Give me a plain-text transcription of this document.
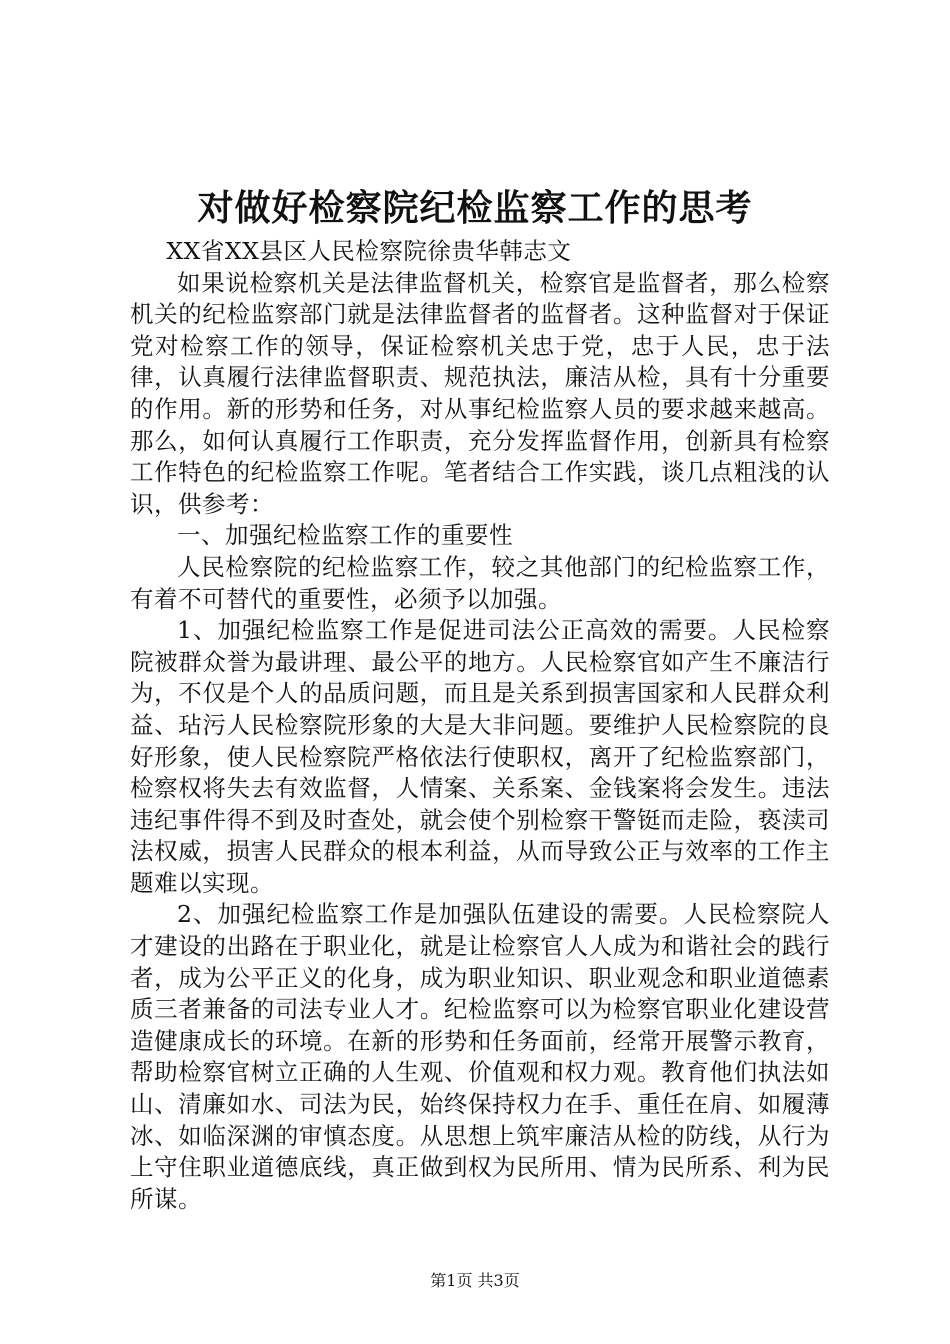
对做好检察院纪检监察工作的思考

XX省XX县区人民检察院徐贵华韩志文

如果说检察机关是法律监督机关，检察官是监督者，那么检察机关的纪检监察部门就是法律监督者的监督者。这种监督对于保证党对检察工作的领导，保证检察机关忠于党，忠于人民，忠于法律，认真履行法律监督职责、规范执法，廉洁从检，具有十分重要的作用。新的形势和任务，对从事纪检监察人员的要求越来越高。那么，如何认真履行工作职责，充分发挥监督作用，创新具有检察工作特色的纪检监察工作呢。笔者结合工作实践，谈几点粗浅的认识，供参考：

一、加强纪检监察工作的重要性

人民检察院的纪检监察工作，较之其他部门的纪检监察工作，有着不可替代的重要性，必须予以加强。

1、加强纪检监察工作是促进司法公正高效的需要。人民检察院被群众誉为最讲理、最公平的地方。人民检察官如产生不廉洁行为，不仅是个人的品质问题，而且是关系到损害国家和人民群众利益、玷污人民检察院形象的大是大非问题。要维护人民检察院的良好形象，使人民检察院严格依法行使职权，离开了纪检监察部门，检察权将失去有效监督，人情案、关系案、金钱案将会发生。违法违纪事件得不到及时查处，就会使个别检察干警铤而走险，亵渎司法权威，损害人民群众的根本利益，从而导致公正与效率的工作主题难以实现。

2、加强纪检监察工作是加强队伍建设的需要。人民检察院人才建设的出路在于职业化，就是让检察官人人成为和谐社会的践行者，成为公平正义的化身，成为职业知识、职业观念和职业道德素质三者兼备的司法专业人才。纪检监察可以为检察官职业化建设营造健康成长的环境。在新的形势和任务面前，经常开展警示教育，帮助检察官树立正确的人生观、价值观和权力观。教育他们执法如山、清廉如水、司法为民，始终保持权力在手、重任在肩、如履薄冰、如临深渊的审慎态度。从思想上筑牢廉洁从检的防线，从行为上守住职业道德底线，真正做到权为民所用、情为民所系、利为民所谋。

第1页 共3页
